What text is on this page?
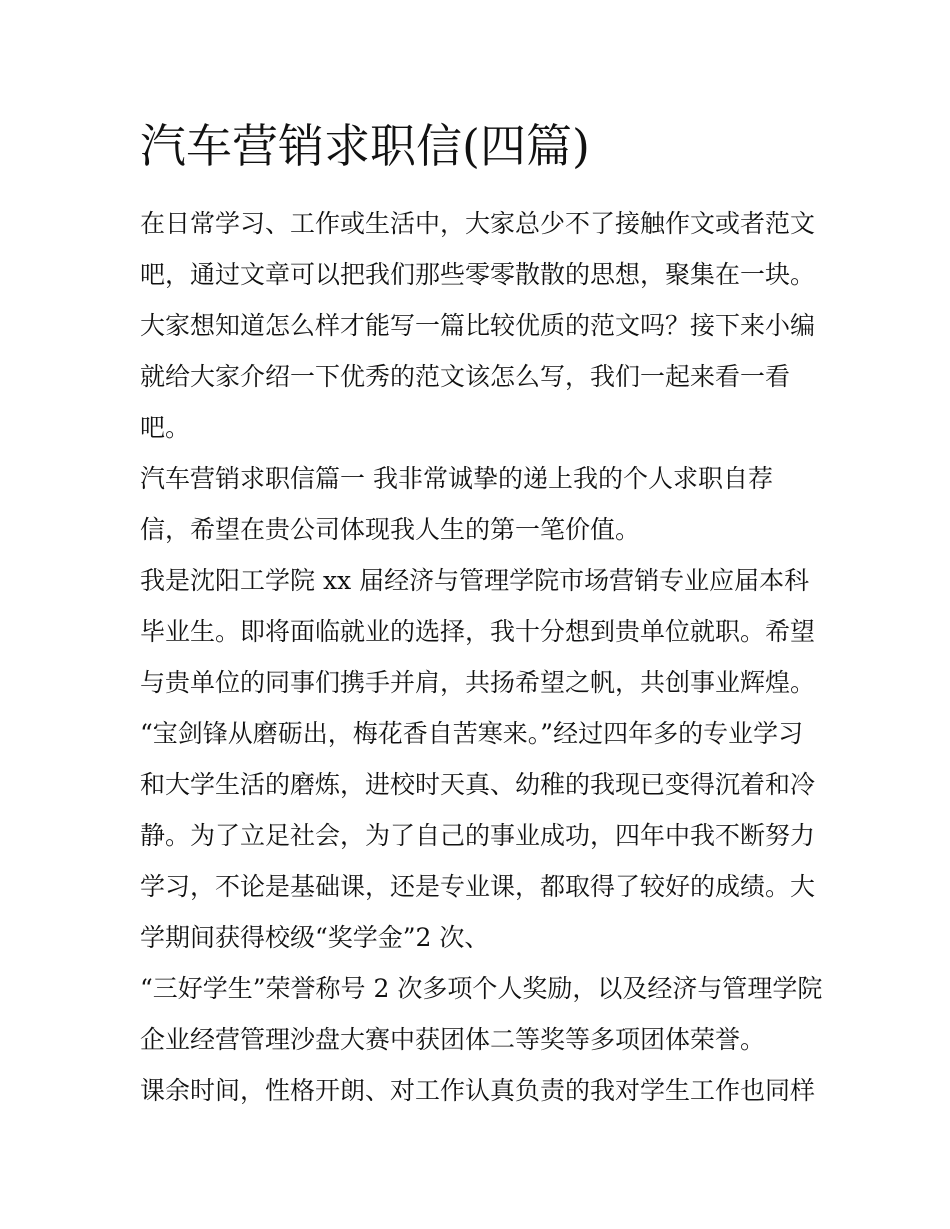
汽车营销求职信(四篇)
在日常学习、工作或生活中，大家总少不了接触作文或者范文
吧，通过文章可以把我们那些零零散散的思想，聚集在一块。
大家想知道怎么样才能写一篇比较优质的范文吗？接下来小编
就给大家介绍一下优秀的范文该怎么写，我们一起来看一看
吧。
汽车营销求职信篇一 我非常诚挚的递上我的个人求职自荐
信，希望在贵公司体现我人生的第一笔价值。
我是沈阳工学院 xx 届经济与管理学院市场营销专业应届本科
毕业生。即将面临就业的选择，我十分想到贵单位就职。希望
与贵单位的同事们携手并肩，共扬希望之帆，共创事业辉煌。
“宝剑锋从磨砺出，梅花香自苦寒来。”经过四年多的专业学习
和大学生活的磨炼，进校时天真、幼稚的我现已变得沉着和冷
静。为了立足社会，为了自己的事业成功，四年中我不断努力
学习，不论是基础课，还是专业课，都取得了较好的成绩。大
学期间获得校级“奖学金”2 次、
“三好学生”荣誉称号 2 次多项个人奖励，以及经济与管理学院
企业经营管理沙盘大赛中获团体二等奖等多项团体荣誉。
课余时间，性格开朗、对工作认真负责的我对学生工作也同样
